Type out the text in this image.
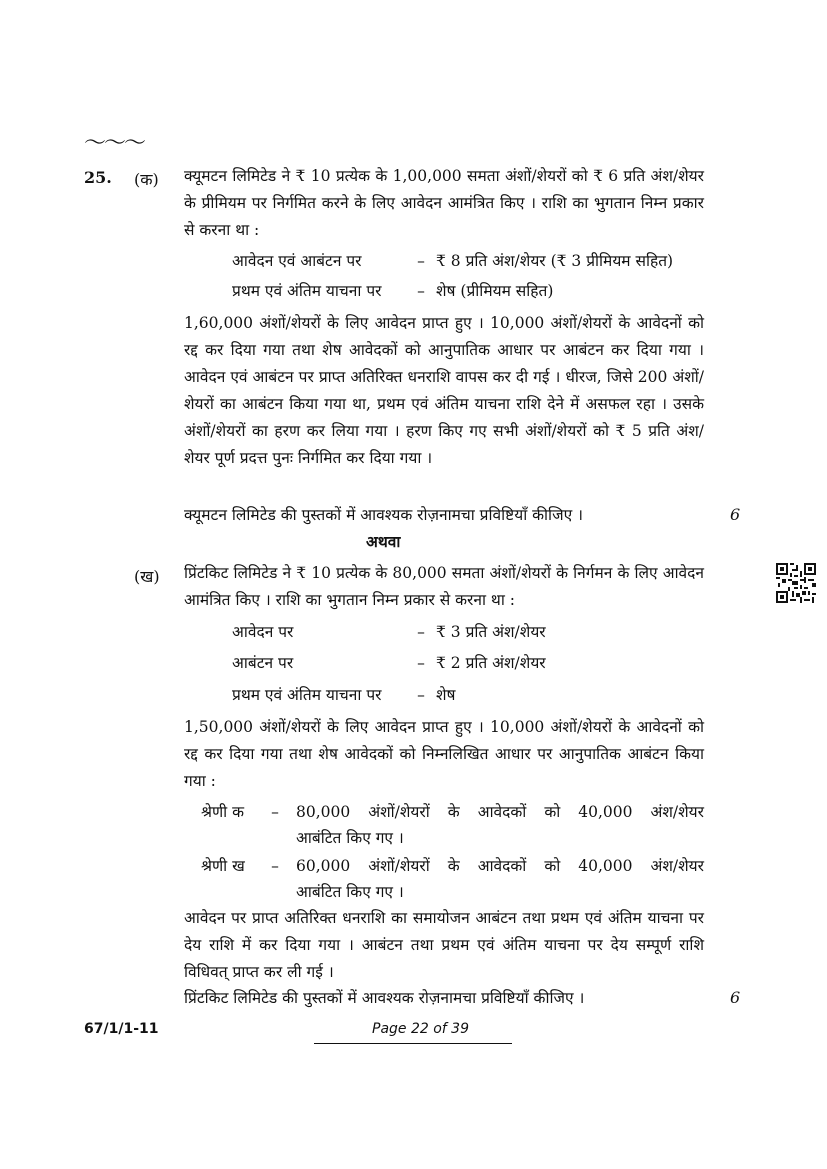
〜〜〜
25. (क) क्यूमटन लिमिटेड ने ₹ 10 प्रत्येक के 1,00,000 समता अंशों/शेयरों को ₹ 6 प्रति अंश/शेयर के प्रीमियम पर निर्गमित करने के लिए आवेदन आमंत्रित किए । राशि का भुगतान निम्न प्रकार से करना था :
आवेदन एवं आबंटन पर	– ₹ 8 प्रति अंश/शेयर (₹ 3 प्रीमियम सहित)
प्रथम एवं अंतिम याचना पर – शेष (प्रीमियम सहित)
1,60,000 अंशों/शेयरों के लिए आवेदन प्राप्त हुए । 10,000 अंशों/शेयरों के आवेदनों को रद्द कर दिया गया तथा शेष आवेदकों को आनुपातिक आधार पर आबंटन कर दिया गया । आवेदन एवं आबंटन पर प्राप्त अतिरिक्त धनराशि वापस कर दी गई । धीरज, जिसे 200 अंशों/शेयरों का आबंटन किया गया था, प्रथम एवं अंतिम याचना राशि देने में असफल रहा । उसके अंशों/शेयरों का हरण कर लिया गया । हरण किए गए सभी अंशों/शेयरों को ₹ 5 प्रति अंश/शेयर पूर्ण प्रदत्त पुनः निर्गमित कर दिया गया ।
क्यूमटन लिमिटेड की पुस्तकों में आवश्यक रोज़नामचा प्रविष्टियाँ कीजिए ।	6
अथवा
(ख) प्रिंटकिट लिमिटेड ने ₹ 10 प्रत्येक के 80,000 समता अंशों/शेयरों के निर्गमन के लिए आवेदन आमंत्रित किए । राशि का भुगतान निम्न प्रकार से करना था :
आवेदन पर	– ₹ 3 प्रति अंश/शेयर
आबंटन पर	– ₹ 2 प्रति अंश/शेयर
प्रथम एवं अंतिम याचना पर – शेष
1,50,000 अंशों/शेयरों के लिए आवेदन प्राप्त हुए । 10,000 अंशों/शेयरों के आवेदनों को रद्द कर दिया गया तथा शेष आवेदकों को निम्नलिखित आधार पर आनुपातिक आबंटन किया गया :
श्रेणी क – 80,000 अंशों/शेयरों के आवेदकों को 40,000 अंश/शेयर
आबंटित किए गए ।
श्रेणी ख – 60,000 अंशों/शेयरों के आवेदकों को 40,000 अंश/शेयर
आबंटित किए गए ।
आवेदन पर प्राप्त अतिरिक्त धनराशि का समायोजन आबंटन तथा प्रथम एवं अंतिम याचना पर देय राशि में कर दिया गया । आबंटन तथा प्रथम एवं अंतिम याचना पर देय सम्पूर्ण राशि विधिवत् प्राप्त कर ली गई ।
प्रिंटकिट लिमिटेड की पुस्तकों में आवश्यक रोज़नामचा प्रविष्टियाँ कीजिए ।	6
67/1/1-11	Page 22 of 39
